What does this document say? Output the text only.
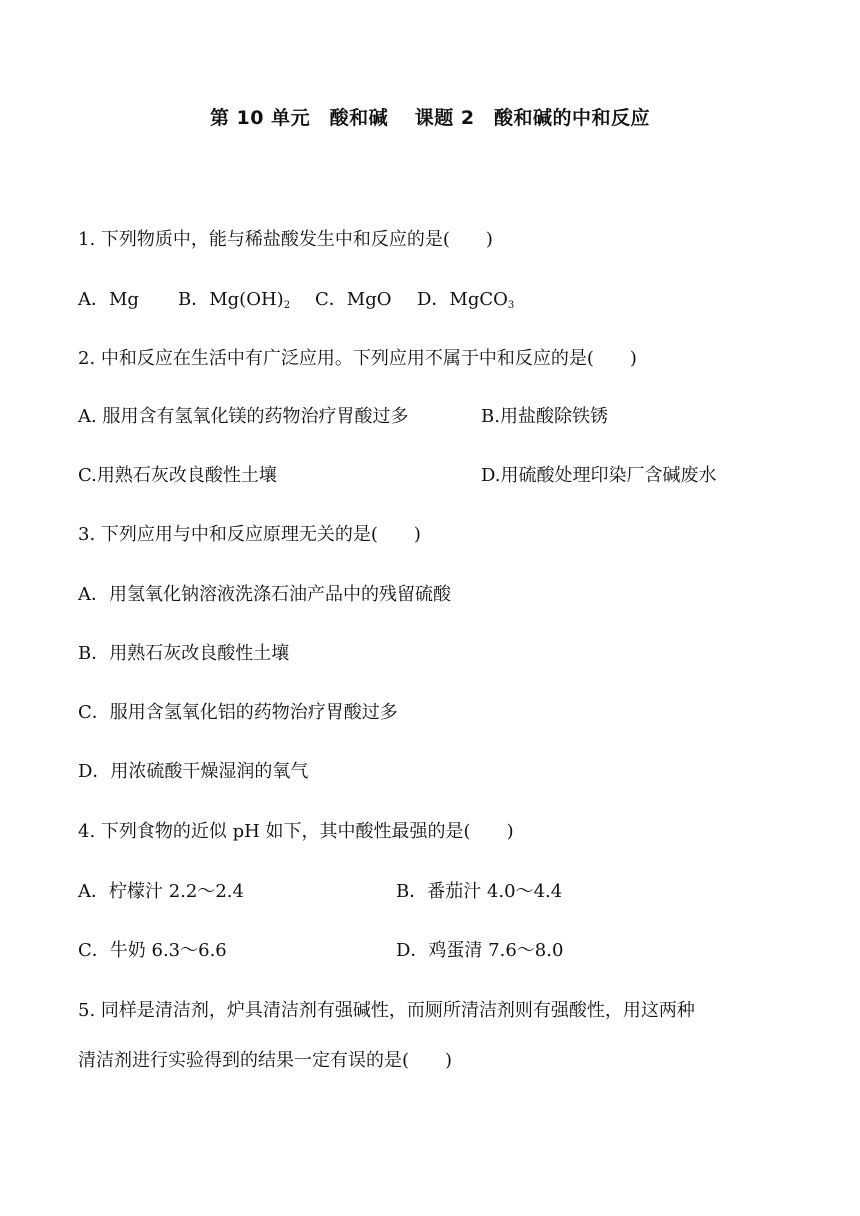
第 10 单元　酸和碱　 课题 2　酸和碱的中和反应
1. 下列物质中，能与稀盐酸发生中和反应的是(　　)
A．Mg B．$Mg(OH)_2$ C．MgO D．MgCO$_3$
2. 中和反应在生活中有广泛应用。下列应用不属于中和反应的是(　　)
A. 服用含有氢氧化镁的药物治疗胃酸过多	B.用盐酸除铁锈
C.用熟石灰改良酸性土壤	D.用硫酸处理印染厂含碱废水
3. 下列应用与中和反应原理无关的是(　　)
A．用氢氧化钠溶液洗涤石油产品中的残留硫酸
B．用熟石灰改良酸性土壤
C．服用含氢氧化铝的药物治疗胃酸过多
D．用浓硫酸干燥湿润的氧气
4. 下列食物的近似 pH 如下，其中酸性最强的是(　　)
A．柠檬汁 2.2～2.4	B．番茄汁 4.0～4.4
C．牛奶 6.3～6.6	D．鸡蛋清 7.6～8.0
5. 同样是清洁剂，炉具清洁剂有强碱性，而厕所清洁剂则有强酸性，用这两种
清洁剂进行实验得到的结果一定有误的是(　　)
